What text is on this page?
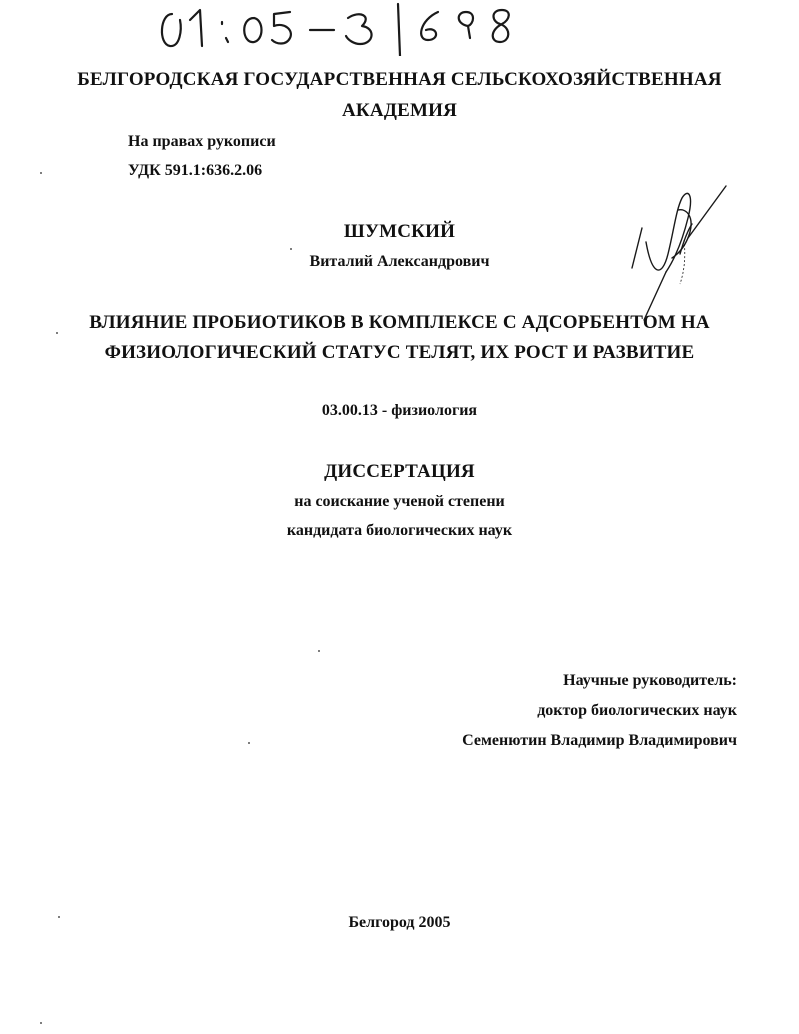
БЕЛГОРОДСКАЯ ГОСУДАРСТВЕННАЯ СЕЛЬСКОХОЗЯЙСТВЕННАЯ
АКАДЕМИЯ
На правах рукописи
УДК 591.1:636.2.06
ШУМСКИЙ
Виталий Александрович
ВЛИЯНИЕ ПРОБИОТИКОВ В КОМПЛЕКСЕ С АДСОРБЕНТОМ НА
ФИЗИОЛОГИЧЕСКИЙ СТАТУС ТЕЛЯТ, ИХ РОСТ И РАЗВИТИЕ
03.00.13 - физиология
ДИССЕРТАЦИЯ
на соискание ученой степени
кандидата биологических наук
Научные руководитель:
доктор биологических наук
Семенютин Владимир Владимирович
Белгород 2005
